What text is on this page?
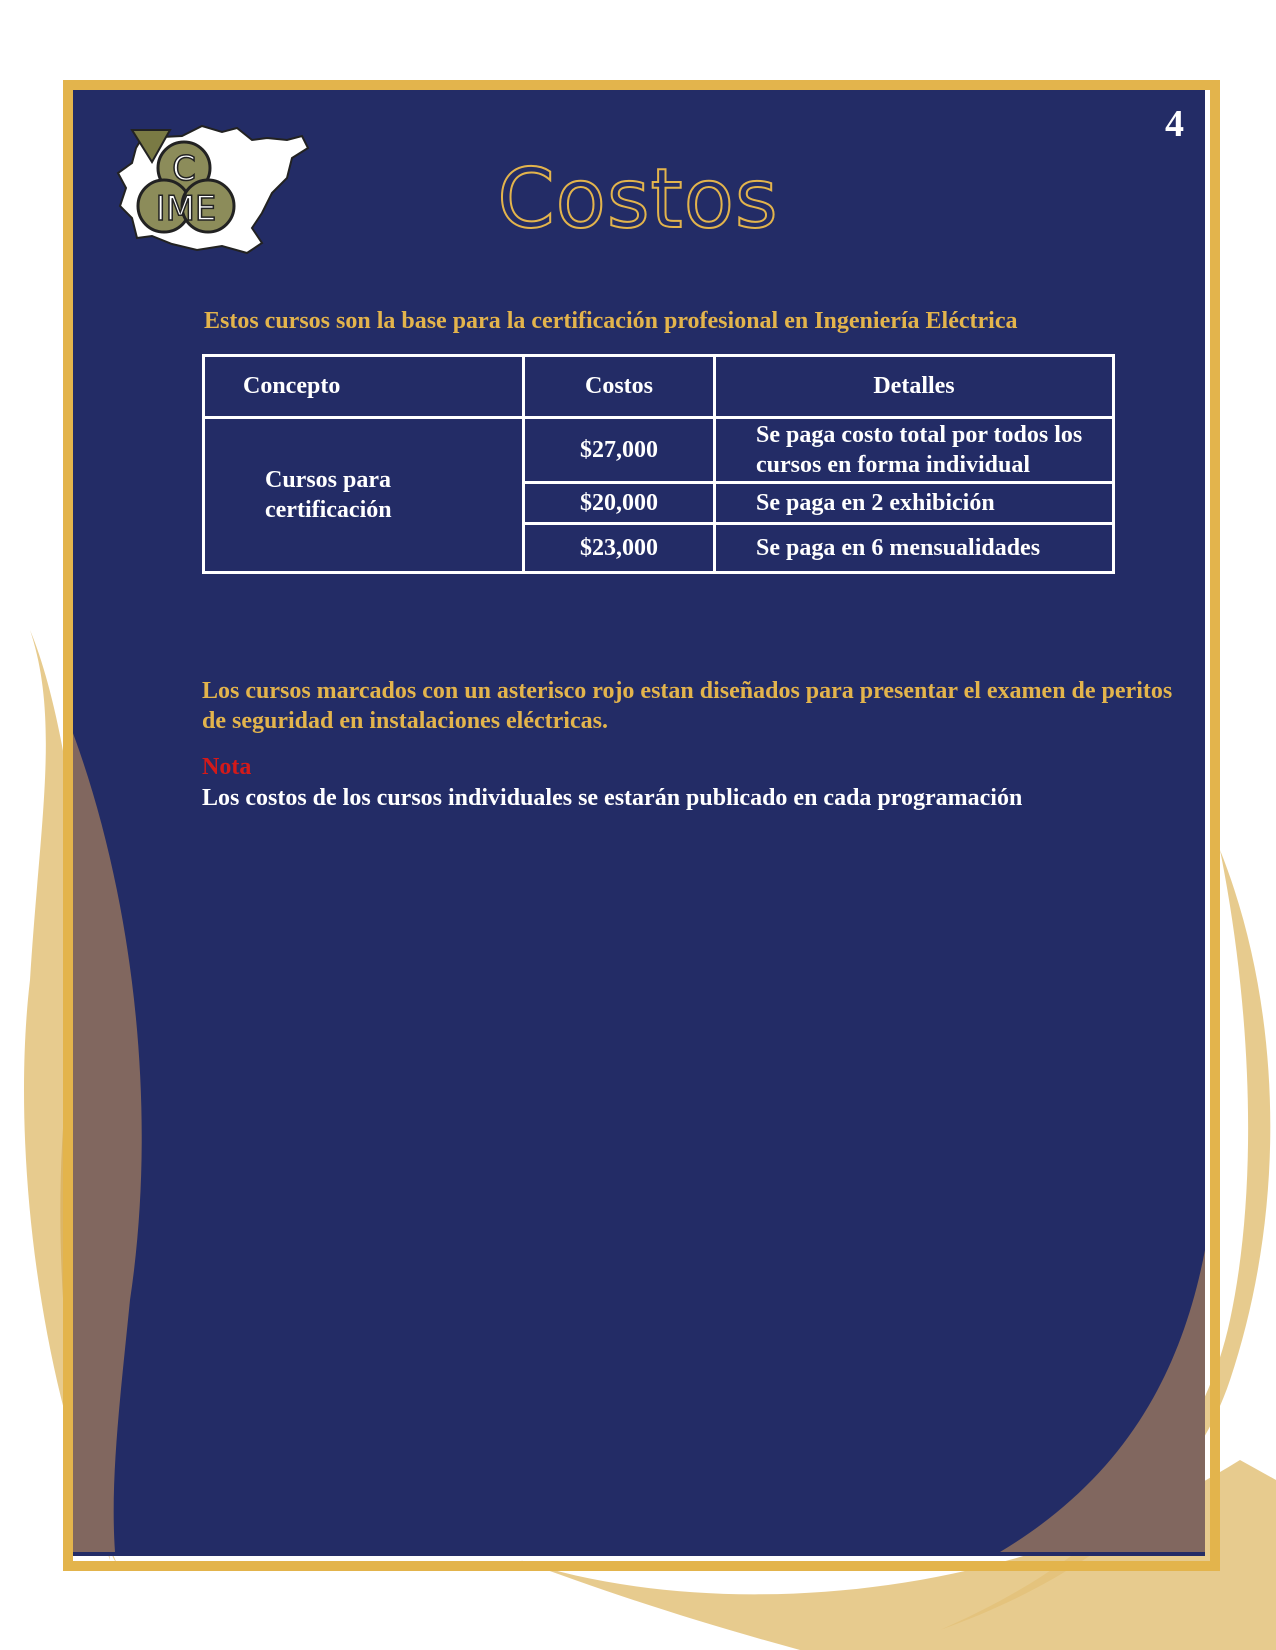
4
C
IME	Costos
Estos cursos son la base para la certificación profesional en Ingeniería Eléctrica
Concepto	Costos	Detalles
Cursos para certificación	$27,000	Se paga costo total por todos los cursos en forma individual
	$20,000	Se paga en 2 exhibición
	$23,000	Se paga en 6 mensualidades
Los cursos marcados con un asterisco rojo estan diseñados para presentar el examen de peritos de seguridad en instalaciones eléctricas.
Nota
Los costos de los cursos individuales se estarán publicado en cada programación
